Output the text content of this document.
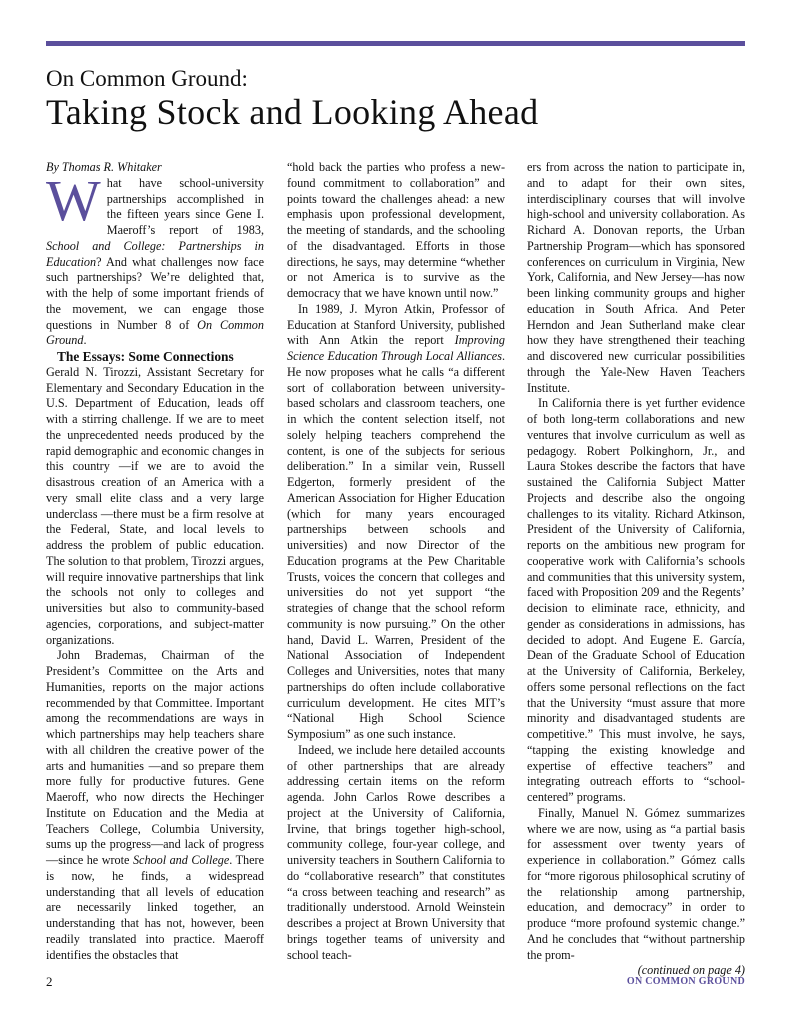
On Common Ground:
Taking Stock and Looking Ahead

By Thomas R. Whitaker

What have school-university partnerships accomplished in the fifteen years since Gene I. Maeroff’s report of 1983, School and College: Partnerships in Education? And what challenges now face such partnerships? We’re delighted that, with the help of some important friends of the movement, we can engage those questions in Number 8 of On Common Ground.

The Essays: Some Connections

Gerald N. Tirozzi, Assistant Secretary for Elementary and Secondary Education in the U.S. Department of Education, leads off with a stirring challenge. If we are to meet the unprecedented needs produced by the rapid demographic and economic changes in this country —if we are to avoid the disastrous creation of an America with a very small elite class and a very large underclass —there must be a firm resolve at the Federal, State, and local levels to address the problem of public education. The solution to that problem, Tirozzi argues, will require innovative partnerships that link the schools not only to colleges and universities but also to community-based agencies, corporations, and subject-matter organizations.

John Brademas, Chairman of the President’s Committee on the Arts and Humanities, reports on the major actions recommended by that Committee. Important among the recommendations are ways in which partnerships may help teachers share with all children the creative power of the arts and humanities —and so prepare them more fully for productive futures. Gene Maeroff, who now directs the Hechinger Institute on Education and the Media at Teachers College, Columbia University, sums up the progress—and lack of progress—since he wrote School and College. There is now, he finds, a widespread understanding that all levels of education are necessarily linked together, an understanding that has not, however, been readily translated into practice. Maeroff identifies the obstacles that

“hold back the parties who profess a new-found commitment to collaboration” and points toward the challenges ahead: a new emphasis upon professional development, the meeting of standards, and the schooling of the disadvantaged. Efforts in those directions, he says, may determine “whether or not America is to survive as the democracy that we have known until now.”

In 1989, J. Myron Atkin, Professor of Education at Stanford University, published with Ann Atkin the report Improving Science Education Through Local Alliances. He now proposes what he calls “a different sort of collaboration between university-based scholars and classroom teachers, one in which the content selection itself, not solely helping teachers comprehend the content, is one of the subjects for serious deliberation.” In a similar vein, Russell Edgerton, formerly president of the American Association for Higher Education (which for many years encouraged partnerships between schools and universities) and now Director of the Education programs at the Pew Charitable Trusts, voices the concern that colleges and universities do not yet support “the strategies of change that the school reform community is now pursuing.” On the other hand, David L. Warren, President of the National Association of Independent Colleges and Universities, notes that many partnerships do often include collaborative curriculum development. He cites MIT’s “National High School Science Symposium” as one such instance.

Indeed, we include here detailed accounts of other partnerships that are already addressing certain items on the reform agenda. John Carlos Rowe describes a project at the University of California, Irvine, that brings together high-school, community college, four-year college, and university teachers in Southern California to do “collaborative research” that constitutes “a cross between teaching and research” as traditionally understood. Arnold Weinstein describes a project at Brown University that brings together teams of university and school teach-

ers from across the nation to participate in, and to adapt for their own sites, interdisciplinary courses that will involve high-school and university collaboration. As Richard A. Donovan reports, the Urban Partnership Program—which has sponsored conferences on curriculum in Virginia, New York, California, and New Jersey—has now been linking community groups and higher education in South Africa. And Peter Herndon and Jean Sutherland make clear how they have strengthened their teaching and discovered new curricular possibilities through the Yale-New Haven Teachers Institute.

In California there is yet further evidence of both long-term collaborations and new ventures that involve curriculum as well as pedagogy. Robert Polkinghorn, Jr., and Laura Stokes describe the factors that have sustained the California Subject Matter Projects and describe also the ongoing challenges to its vitality. Richard Atkinson, President of the University of California, reports on the ambitious new program for cooperative work with California’s schools and communities that this university system, faced with Proposition 209 and the Regents’ decision to eliminate race, ethnicity, and gender as considerations in admissions, has decided to adopt. And Eugene E. García, Dean of the Graduate School of Education at the University of California, Berkeley, offers some personal reflections on the fact that the University “must assure that more minority and disadvantaged students are competitive.” This must involve, he says, “tapping the existing knowledge and expertise of effective teachers” and integrating outreach efforts to “school-centered” programs.

Finally, Manuel N. Gómez summarizes where we are now, using as “a partial basis for assessment over twenty years of experience in collaboration.” Gómez calls for “more rigorous philosophical scrutiny of the relationship among partnership, education, and democracy” in order to produce “more profound systemic change.” And he concludes that “without partnership the prom-

(continued on page 4)

2	ON COMMON GROUND
